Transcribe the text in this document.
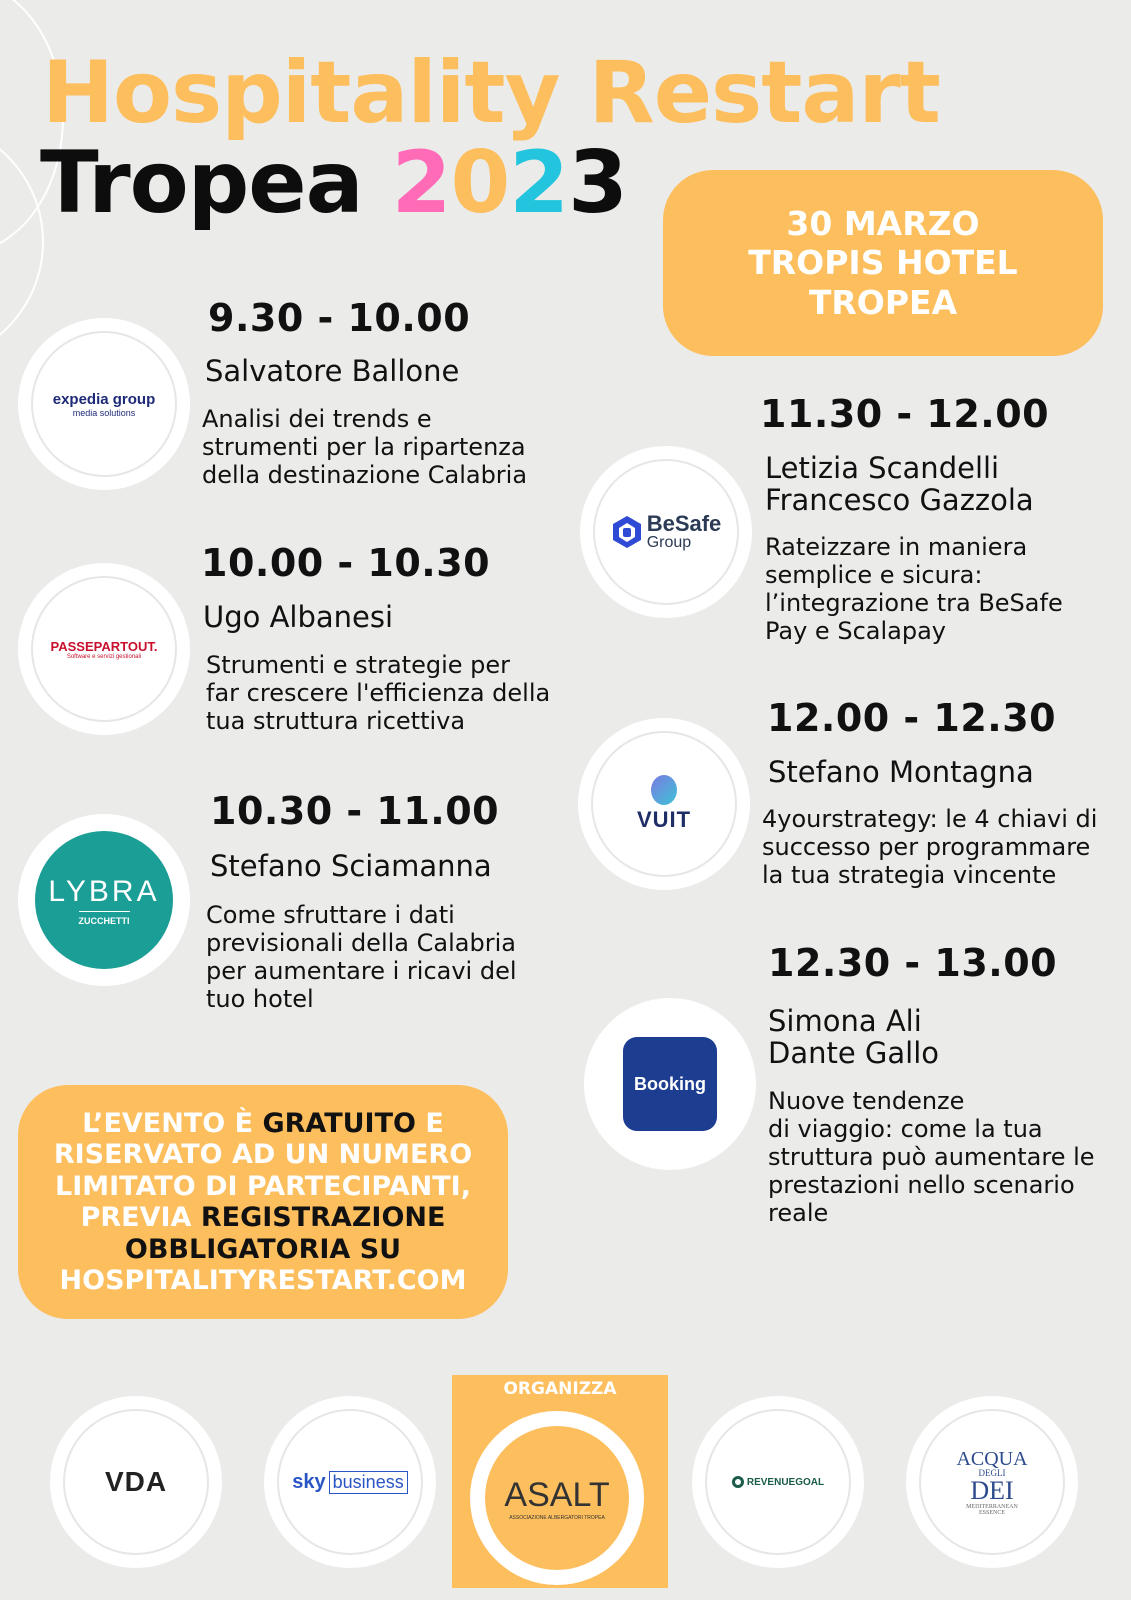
Hospitality Restart
Tropea 2023	30 MARZO
TROPIS HOTEL
TROPEA
expedia group
media solutions
9.30 - 10.00
Salvatore Ballone
Analisi dei trends e
strumenti per la ripartenza
della destinazione Calabria
PASSEPARTOUT.
Software e servizi gestionali
10.00 - 10.30
Ugo Albanesi
Strumenti e strategie per
far crescere l'efficienza della
tua struttura ricettiva
LYBRA
ZUCCHETTI
10.30 - 11.00
Stefano Sciamanna
Come sfruttare i dati
previsionali della Calabria
per aumentare i ricavi del
tuo hotel
BeSafe
Group
11.30 - 12.00
Letizia Scandelli
Francesco Gazzola
Rateizzare in maniera
semplice e sicura:
l’integrazione tra BeSafe
Pay e Scalapay
VUIT
12.00 - 12.30
Stefano Montagna
4yourstrategy: le 4 chiavi di
successo per programmare
la tua strategia vincente
Booking
12.30 - 13.00
Simona Ali
Dante Gallo
Nuove tendenze
di viaggio: come la tua
struttura può aumentare le
prestazioni nello scenario
reale
L’EVENTO È GRATUITO E
RISERVATO AD UN NUMERO
LIMITATO DI PARTECIPANTI,
PREVIA REGISTRAZIONE
OBBLIGATORIA SU
HOSPITALITYRESTART.COM
VDA	sky business
ORGANIZZA
ASALT
ASSOCIAZIONE ALBERGATORI TROPEA
REVENUEGOAL
ACQUA
DEGLI
DEI
MEDITERRANEAN
ESSENCE
